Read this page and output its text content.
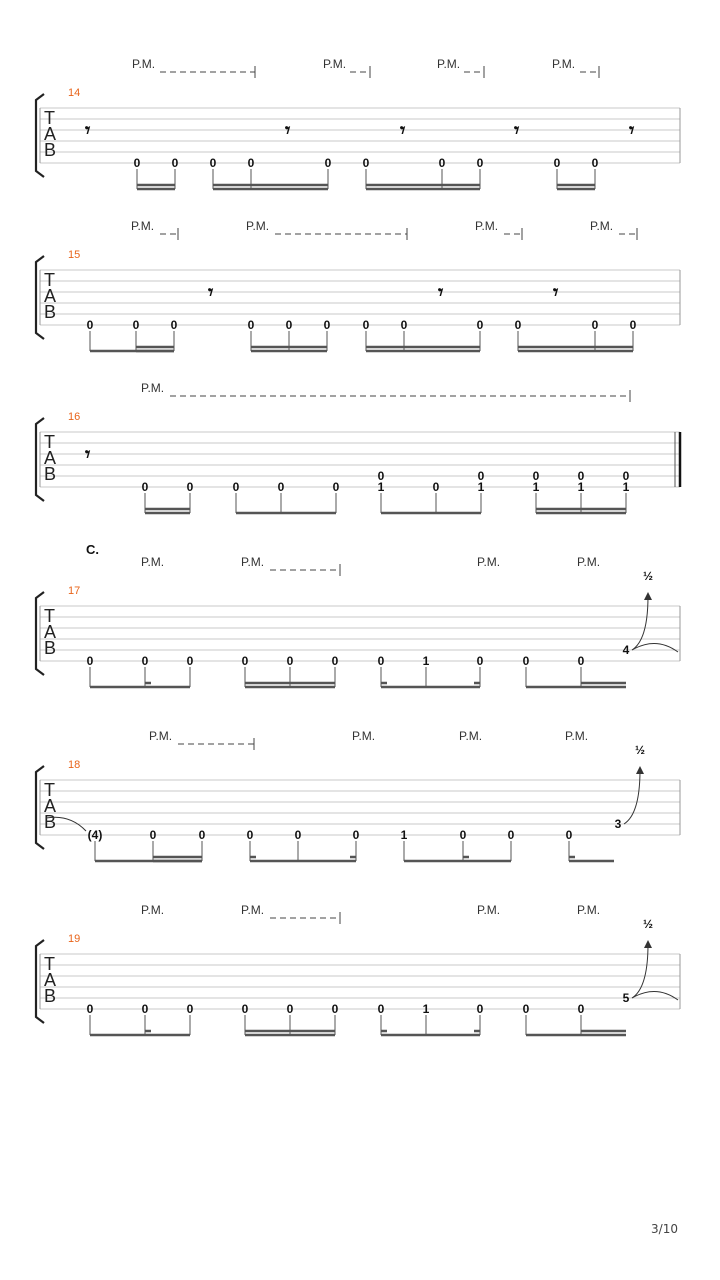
T
A
B
14
P.M.	P.M.	P.M.	P.M.
𝄾	𝄾	𝄾	𝄾	𝄾
0	0	0	0	0	0	0	0	0	0
T
A
B
15
P.M.	P.M.	P.M.	P.M.
𝄾	𝄾	𝄾
0	0	0	0	0	0	0	0	0	0	0	0
T
A
B
16
P.M.
𝄾
0	0	0	0	0
0
1	0
0
1
0
1
0
1
0
1
T
A
B
17
C.
P.M.	P.M.	P.M.	P.M.
0	0	0	0	0	0	0	1	0	0	0
4
½
T
A
B
18
P.M.	P.M.	P.M.	P.M.
(4)	0	0	0	0	0	1	0	0	0
3
½
T
A
B
19
P.M.	P.M.	P.M.	P.M.
0	0	0	0	0	0	0	1	0	0	0
5
½
3/10
